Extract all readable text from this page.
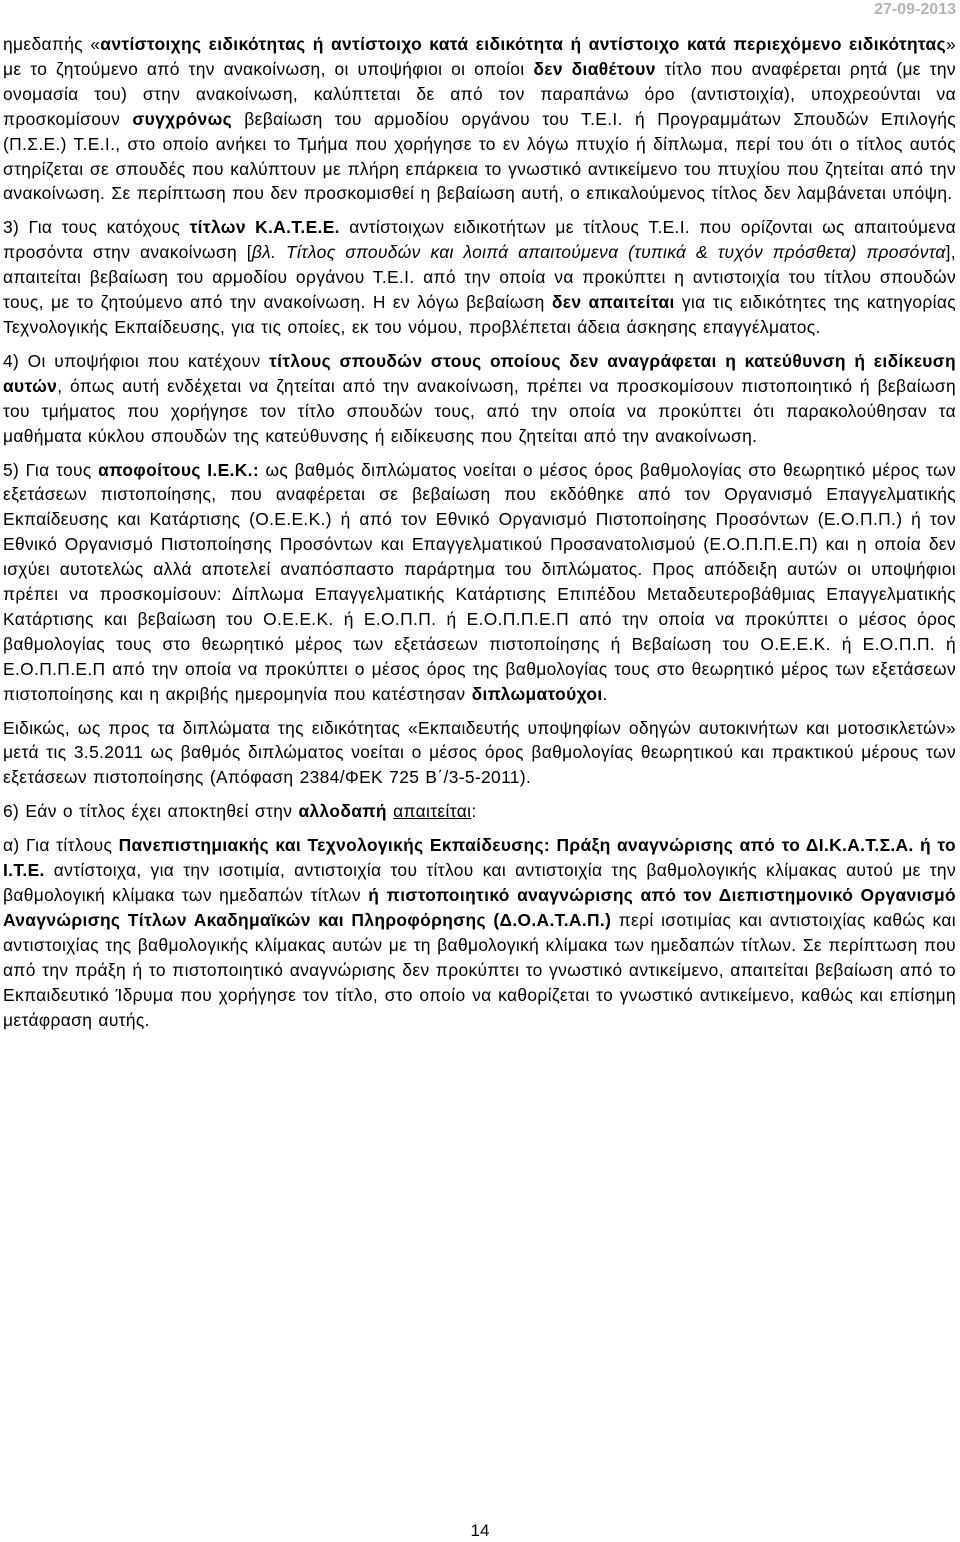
27-09-2013

ημεδαπής «αντίστοιχης ειδικότητας ή αντίστοιχο κατά ειδικότητα ή αντίστοιχο κατά περιεχόμενο ειδικότητας» με το ζητούμενο από την ανακοίνωση, οι υποψήφιοι οι οποίοι δεν διαθέτουν τίτλο που αναφέρεται ρητά (με την ονομασία του) στην ανακοίνωση, καλύπτεται δε από τον παραπάνω όρο (αντιστοιχία), υποχρεούνται να προσκομίσουν συγχρόνως βεβαίωση του αρμοδίου οργάνου του Τ.Ε.Ι. ή Προγραμμάτων Σπουδών Επιλογής (Π.Σ.Ε.) Τ.Ε.Ι., στο οποίο ανήκει το Τμήμα που χορήγησε το εν λόγω πτυχίο ή δίπλωμα, περί του ότι ο τίτλος αυτός στηρίζεται σε σπουδές που καλύπτουν με πλήρη επάρκεια το γνωστικό αντικείμενο του πτυχίου που ζητείται από την ανακοίνωση. Σε περίπτωση που δεν προσκομισθεί η βεβαίωση αυτή, ο επικαλούμενος τίτλος δεν λαμβάνεται υπόψη.

3) Για τους κατόχους τίτλων Κ.Α.Τ.Ε.Ε. αντίστοιχων ειδικοτήτων με τίτλους Τ.Ε.Ι. που ορίζονται ως απαιτούμενα προσόντα στην ανακοίνωση [βλ. Τίτλος σπουδών και λοιπά απαιτούμενα (τυπικά & τυχόν πρόσθετα) προσόντα], απαιτείται βεβαίωση του αρμοδίου οργάνου Τ.Ε.Ι. από την οποία να προκύπτει η αντιστοιχία του τίτλου σπουδών τους, με το ζητούμενο από την ανακοίνωση. Η εν λόγω βεβαίωση δεν απαιτείται για τις ειδικότητες της κατηγορίας Τεχνολογικής Εκπαίδευσης, για τις οποίες, εκ του νόμου, προβλέπεται άδεια άσκησης επαγγέλματος.

4) Οι υποψήφιοι που κατέχουν τίτλους σπουδών στους οποίους δεν αναγράφεται η κατεύθυνση ή ειδίκευση αυτών, όπως αυτή ενδέχεται να ζητείται από την ανακοίνωση, πρέπει να προσκομίσουν πιστοποιητικό ή βεβαίωση του τμήματος που χορήγησε τον τίτλο σπουδών τους, από την οποία να προκύπτει ότι παρακολούθησαν τα μαθήματα κύκλου σπουδών της κατεύθυνσης ή ειδίκευσης που ζητείται από την ανακοίνωση.

5) Για τους αποφοίτους Ι.Ε.Κ.: ως βαθμός διπλώματος νοείται ο μέσος όρος βαθμολογίας στο θεωρητικό μέρος των εξετάσεων πιστοποίησης, που αναφέρεται σε βεβαίωση που εκδόθηκε από τον Οργανισμό Επαγγελματικής Εκπαίδευσης και Κατάρτισης (Ο.Ε.Ε.Κ.) ή από τον Εθνικό Οργανισμό Πιστοποίησης Προσόντων (Ε.Ο.Π.Π.) ή τον Εθνικό Οργανισμό Πιστοποίησης Προσόντων και Επαγγελματικού Προσανατολισμού (Ε.Ο.Π.Π.Ε.Π) και η οποία δεν ισχύει αυτοτελώς αλλά αποτελεί αναπόσπαστο παράρτημα του διπλώματος. Προς απόδειξη αυτών οι υποψήφιοι πρέπει να προσκομίσουν: Δίπλωμα Επαγγελματικής Κατάρτισης Επιπέδου Μεταδευτεροβάθμιας Επαγγελματικής Κατάρτισης και βεβαίωση του Ο.Ε.Ε.Κ. ή Ε.Ο.Π.Π. ή Ε.Ο.Π.Π.Ε.Π από την οποία να προκύπτει ο μέσος όρος βαθμολογίας τους στο θεωρητικό μέρος των εξετάσεων πιστοποίησης ή Βεβαίωση του Ο.Ε.Ε.Κ. ή Ε.Ο.Π.Π. ή Ε.Ο.Π.Π.Ε.Π από την οποία να προκύπτει ο μέσος όρος της βαθμολογίας τους στο θεωρητικό μέρος των εξετάσεων πιστοποίησης και η ακριβής ημερομηνία που κατέστησαν διπλωματούχοι.

Ειδικώς, ως προς τα διπλώματα της ειδικότητας «Εκπαιδευτής υποψηφίων οδηγών αυτοκινήτων και μοτοσικλετών» μετά τις 3.5.2011 ως βαθμός διπλώματος νοείται ο μέσος όρος βαθμολογίας θεωρητικού και πρακτικού μέρους των εξετάσεων πιστοποίησης (Απόφαση 2384/ΦΕΚ 725 Β΄/3-5-2011).

6) Εάν ο τίτλος έχει αποκτηθεί στην αλλοδαπή απαιτείται:

α) Για τίτλους Πανεπιστημιακής και Τεχνολογικής Εκπαίδευσης: Πράξη αναγνώρισης από το ΔΙ.Κ.Α.Τ.Σ.Α. ή το Ι.Τ.Ε. αντίστοιχα, για την ισοτιμία, αντιστοιχία του τίτλου και αντιστοιχία της βαθμολογικής κλίμακας αυτού με την βαθμολογική κλίμακα των ημεδαπών τίτλων ή πιστοποιητικό αναγνώρισης από τον Διεπιστημονικό Οργανισμό Αναγνώρισης Τίτλων Ακαδημαϊκών και Πληροφόρησης (Δ.Ο.Α.Τ.Α.Π.) περί ισοτιμίας και αντιστοιχίας καθώς και αντιστοιχίας της βαθμολογικής κλίμακας αυτών με τη βαθμολογική κλίμακα των ημεδαπών τίτλων. Σε περίπτωση που από την πράξη ή το πιστοποιητικό αναγνώρισης δεν προκύπτει το γνωστικό αντικείμενο, απαιτείται βεβαίωση από το Εκπαιδευτικό Ίδρυμα που χορήγησε τον τίτλο, στο οποίο να καθορίζεται το γνωστικό αντικείμενο, καθώς και επίσημη μετάφραση αυτής.

14
